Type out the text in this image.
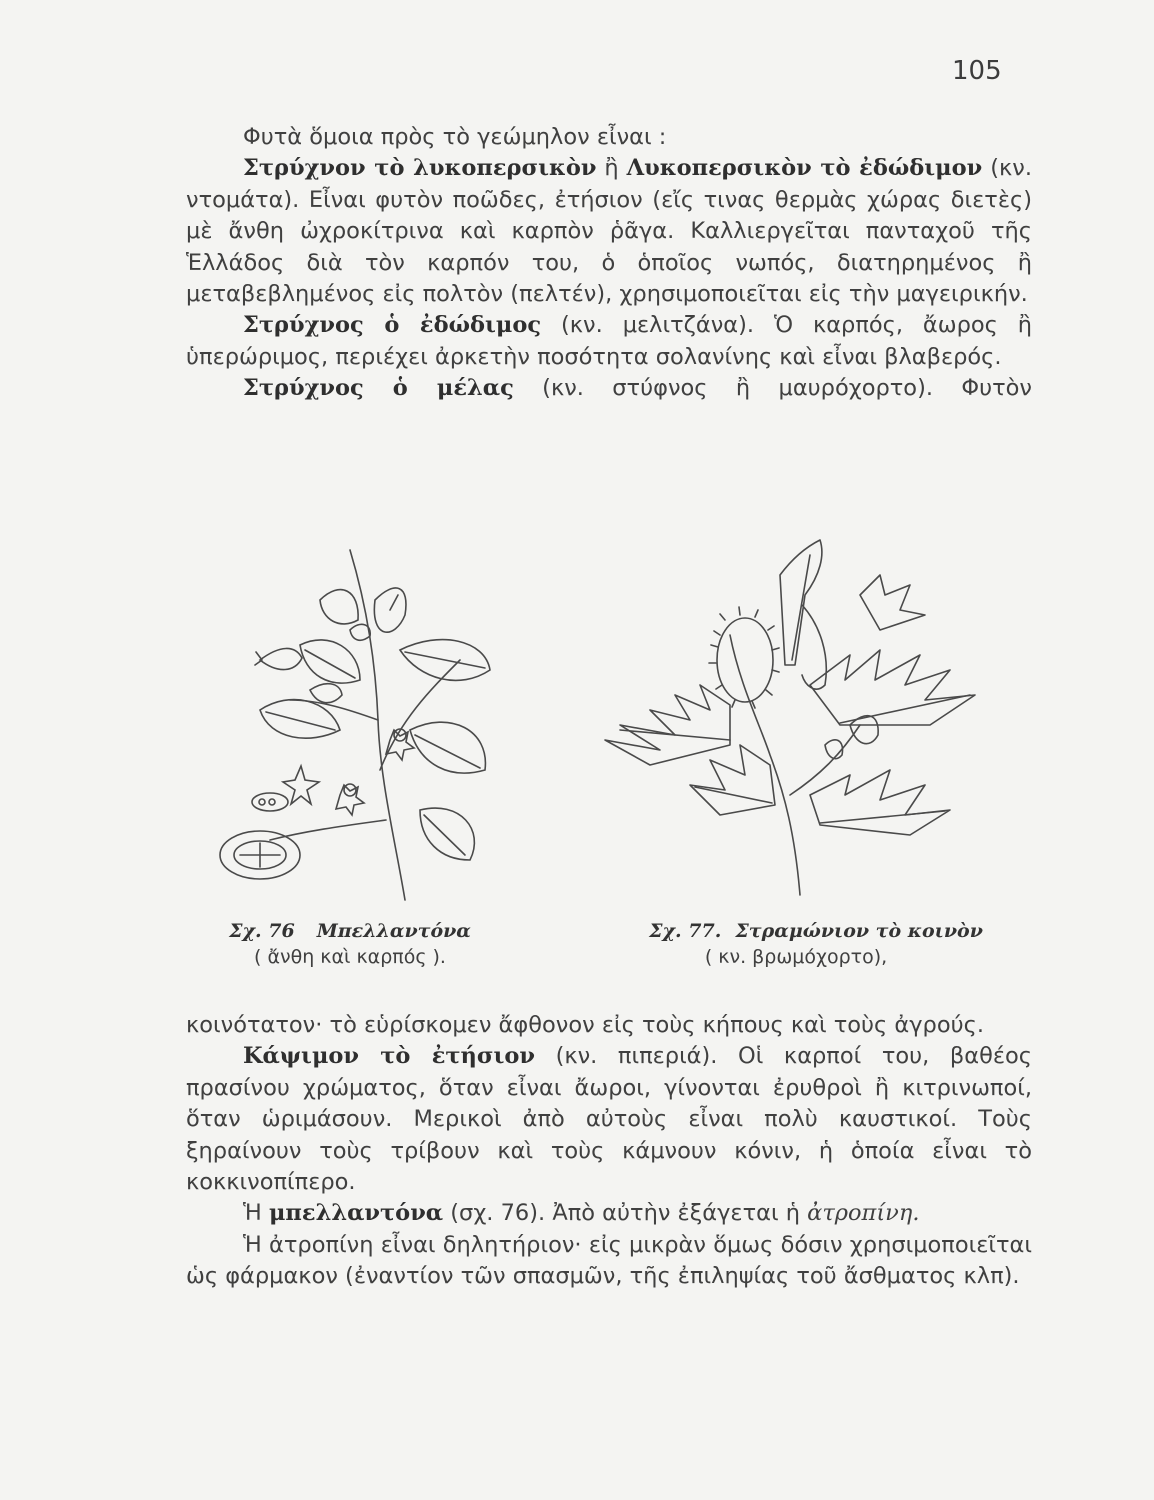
105

Φυτὰ ὅμοια πρὸς τὸ γεώμηλον εἶναι :

Στρύχνον τὸ λυκοπερσικὸν ἢ Λυκοπερσικὸν τὸ ἐδώδιμον (κν. ντομάτα). Εἶναι φυτὸν ποῶδες, ἐτήσιον (εἴς τινας θερμὰς χώρας διετὲς) μὲ ἄνθη ὠχροκίτρινα καὶ καρπὸν ῥᾶγα. Καλλιεργεῖται πανταχοῦ τῆς Ἑλλάδος διὰ τὸν καρπόν του, ὁ ὁποῖος νωπός, διατηρημένος ἢ μεταβεβλημένος εἰς πολτὸν (πελτέν), χρησιμοποιεῖται εἰς τὴν μαγειρικήν.

Στρύχνος ὁ ἐδώδιμος (κν. μελιτζάνα). Ὁ καρπός, ἄωρος ἢ ὑπερώριμος, περιέχει ἀρκετὴν ποσότητα σολανίνης καὶ εἶναι βλαβερός.

Στρύχνος ὁ μέλας (κν. στύφνος ἢ μαυρόχορτο). Φυτὸν

Σχ. 76 Μπελλαντόνα
( ἄνθη καὶ καρπός ).
Σχ. 77. Στραμώνιον τὸ κοινὸν
( κν. βρωμόχορτο),

κοινότατον· τὸ εὑρίσκομεν ἄφθονον εἰς τοὺς κήπους καὶ τοὺς ἀγρούς.

Κάψιμον τὸ ἐτήσιον (κν. πιπεριά). Οἱ καρποί του, βαθέος πρασίνου χρώματος, ὅταν εἶναι ἄωροι, γίνονται ἐρυθροὶ ἢ κιτρινωποί, ὅταν ὡριμάσουν. Μερικοὶ ἀπὸ αὐτοὺς εἶναι πολὺ καυστικοί. Τοὺς ξηραίνουν τοὺς τρίβουν καὶ τοὺς κάμνουν κόνιν, ἡ ὁποία εἶναι τὸ κοκκινοπίπερο.

Ἡ μπελλαντόνα (σχ. 76). Ἀπὸ αὐτὴν ἐξάγεται ἡ ἀτροπίνη.

Ἡ ἀτροπίνη εἶναι δηλητήριον· εἰς μικρὰν ὅμως δόσιν χρησιμοποιεῖται ὡς φάρμακον (ἐναντίον τῶν σπασμῶν, τῆς ἐπιληψίας τοῦ ἄσθματος κλπ).
